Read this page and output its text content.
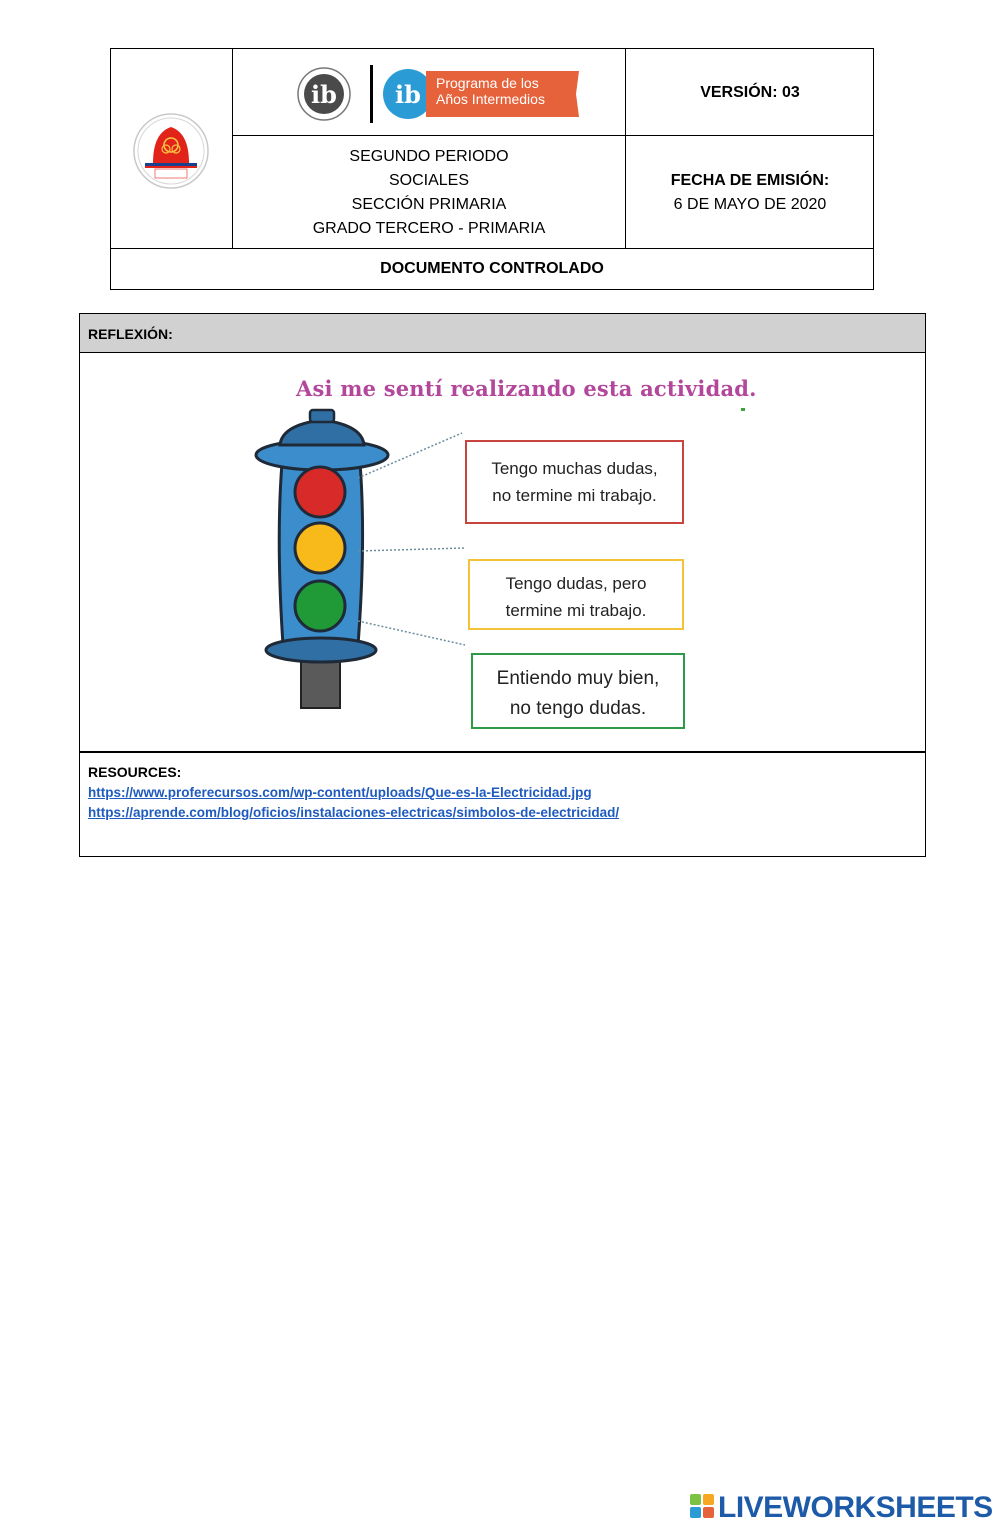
ib ib Programa de los
Años Intermedios	VERSIÓN: 03
SEGUNDO PERIODO
SOCIALES
SECCIÓN PRIMARIA
GRADO TERCERO - PRIMARIA
FECHA DE EMISIÓN:
6 DE MAYO DE 2020
DOCUMENTO CONTROLADO
REFLEXIÓN:
RESOURCES:
https://www.proferecursos.com/wp-content/uploads/Que-es-la-Electricidad.jpg
https://aprende.com/blog/oficios/instalaciones-electricas/simbolos-de-electricidad/
Asi me sentí realizando esta actividad.
Tengo muchas dudas,
no termine mi trabajo.
Tengo dudas, pero
termine mi trabajo.
Entiendo muy bien,
no tengo dudas.
LIVEWORKSHEETS
